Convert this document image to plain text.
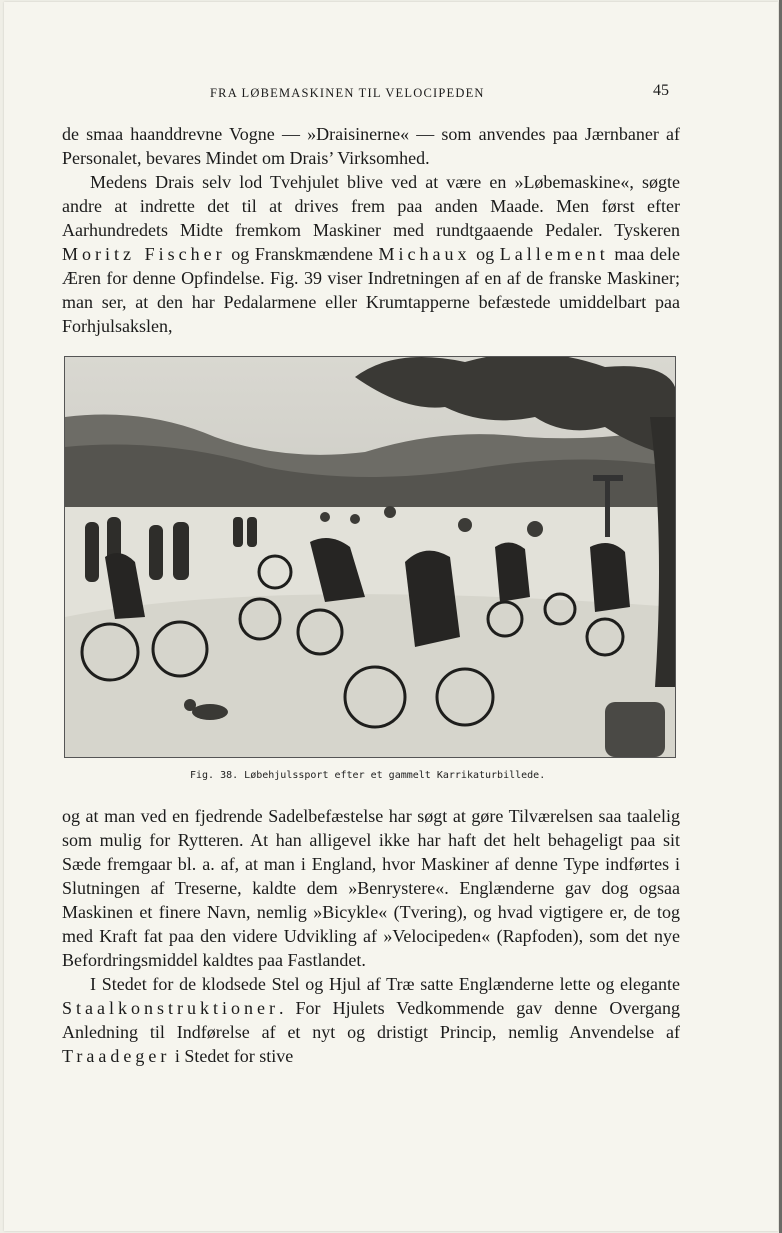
FRA LØBEMASKINEN TIL VELOCIPEDEN	45

de smaa haanddrevne Vogne — »Draisinerne« — som anvendes paa Jærnbaner af Personalet, bevares Mindet om Drais’ Virksomhed.

Medens Drais selv lod Tvehjulet blive ved at være en »Løbemaskine«, søgte andre at indrette det til at drives frem paa anden Maade. Men først efter Aarhundredets Midte fremkom Maskiner med rundtgaaende Pedaler. Tyskeren Moritz Fischer og Franskmændene Michaux og Lallement maa dele Æren for denne Opfindelse. Fig. 39 viser Indretningen af en af de franske Maskiner; man ser, at den har Pedalarmene eller Krumtapperne befæstede umiddelbart paa Forhjulsakslen,

Fig. 38. Løbehjulssport efter et gammelt Karrikaturbillede.

og at man ved en fjedrende Sadelbefæstelse har søgt at gøre Tilværelsen saa taalelig som mulig for Rytteren. At han alligevel ikke har haft det helt behageligt paa sit Sæde fremgaar bl. a. af, at man i England, hvor Maskiner af denne Type indførtes i Slutningen af Treserne, kaldte dem »Benrystere«. Englænderne gav dog ogsaa Maskinen et finere Navn, nemlig »Bicykle« (Tvering), og hvad vigtigere er, de tog med Kraft fat paa den videre Udvikling af »Velocipeden« (Rapfoden), som det nye Befordringsmiddel kaldtes paa Fastlandet.

I Stedet for de klodsede Stel og Hjul af Træ satte Englænderne lette og elegante Staalkonstruktioner. For Hjulets Vedkommende gav denne Overgang Anledning til Indførelse af et nyt og dristigt Princip, nemlig Anvendelse af Traadeger i Stedet for stive
